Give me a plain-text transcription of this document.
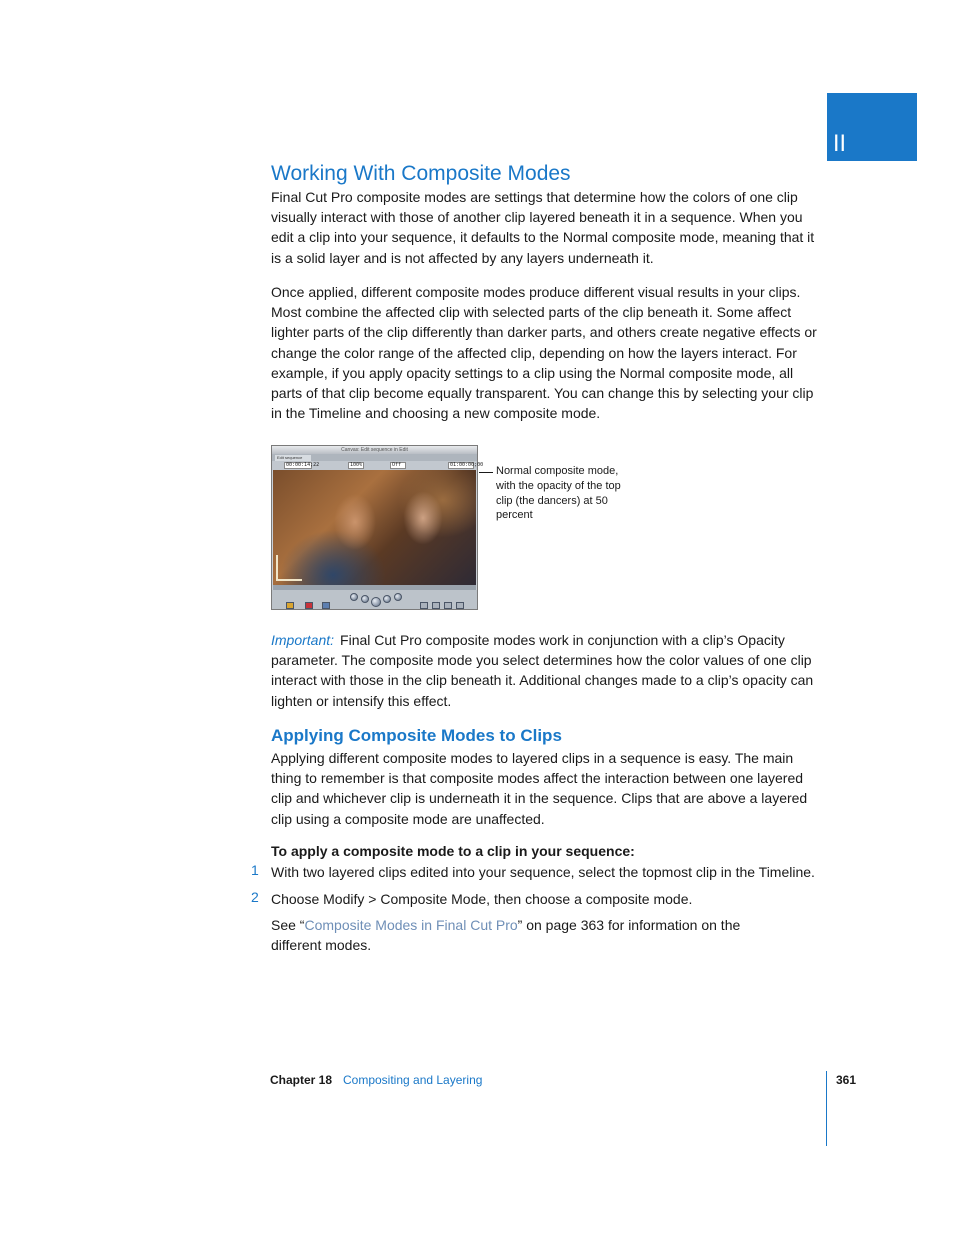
II
Working With Composite Modes

Final Cut Pro composite modes are settings that determine how the colors of one clip visually interact with those of another clip layered beneath it in a sequence. When you edit a clip into your sequence, it defaults to the Normal composite mode, meaning that it is a solid layer and is not affected by any layers underneath it.

Once applied, different composite modes produce different visual results in your clips. Most combine the affected clip with selected parts of the clip beneath it. Some affect lighter parts of the clip differently than darker parts, and others create negative effects or change the color range of the affected clip, depending on how the layers interact. For example, if you apply opacity settings to a clip using the Normal composite mode, all parts of that clip become equally transparent. You can change this by selecting your clip in the Timeline and choosing a new composite mode.

Canvas: Edit sequence in Edit
Edit sequence
00:00:14;22	100%	Off	01:00:00;00 Normal composite mode, with the opacity of the top clip (the dancers) at 50 percent

Important: Final Cut Pro composite modes work in conjunction with a clip’s Opacity parameter. The composite mode you select determines how the color values of one clip interact with those in the clip beneath it. Additional changes made to a clip’s opacity can lighten or intensify this effect.

Applying Composite Modes to Clips

Applying different composite modes to layered clips in a sequence is easy. The main thing to remember is that composite modes affect the interaction between one layered clip and whichever clip is underneath it in the sequence. Clips that are above a layered clip using a composite mode are unaffected.

To apply a composite mode to a clip in your sequence:

1 With two layered clips edited into your sequence, select the topmost clip in the Timeline.

2 Choose Modify > Composite Mode, then choose a composite mode.

See “Composite Modes in Final Cut Pro” on page 363 for information on the different modes.

Chapter 18 Compositing and Layering	361
